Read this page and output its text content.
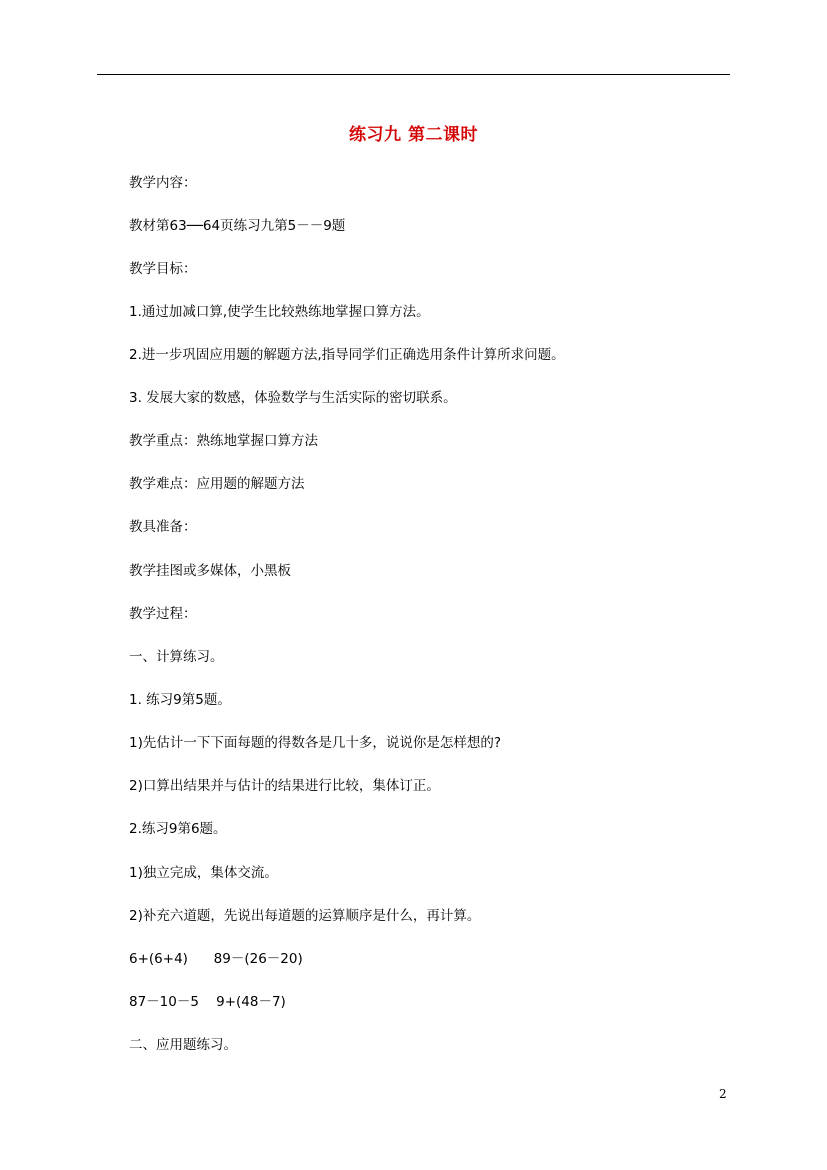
练习九 第二课时
教学内容：
教材第63──64页练习九第5－－9题
教学目标：
1.通过加减口算,使学生比较熟练地掌握口算方法。
2.进一步巩固应用题的解题方法,指导同学们正确选用条件计算所求问题。
3. 发展大家的数感，体验数学与生活实际的密切联系。
教学重点：熟练地掌握口算方法
教学难点：应用题的解题方法
教具准备：
教学挂图或多媒体，小黑板
教学过程：
一、计算练习。
1. 练习9第5题。
1)先估计一下下面每题的得数各是几十多，说说你是怎样想的?
2)口算出结果并与估计的结果进行比较，集体订正。
2.练习9第6题。
1)独立完成，集体交流。
2)补充六道题，先说出每道题的运算顺序是什么，再计算。
6+(6+4)      89－(26－20)
87－10－5    9+(48－7)
二、应用题练习。
2
